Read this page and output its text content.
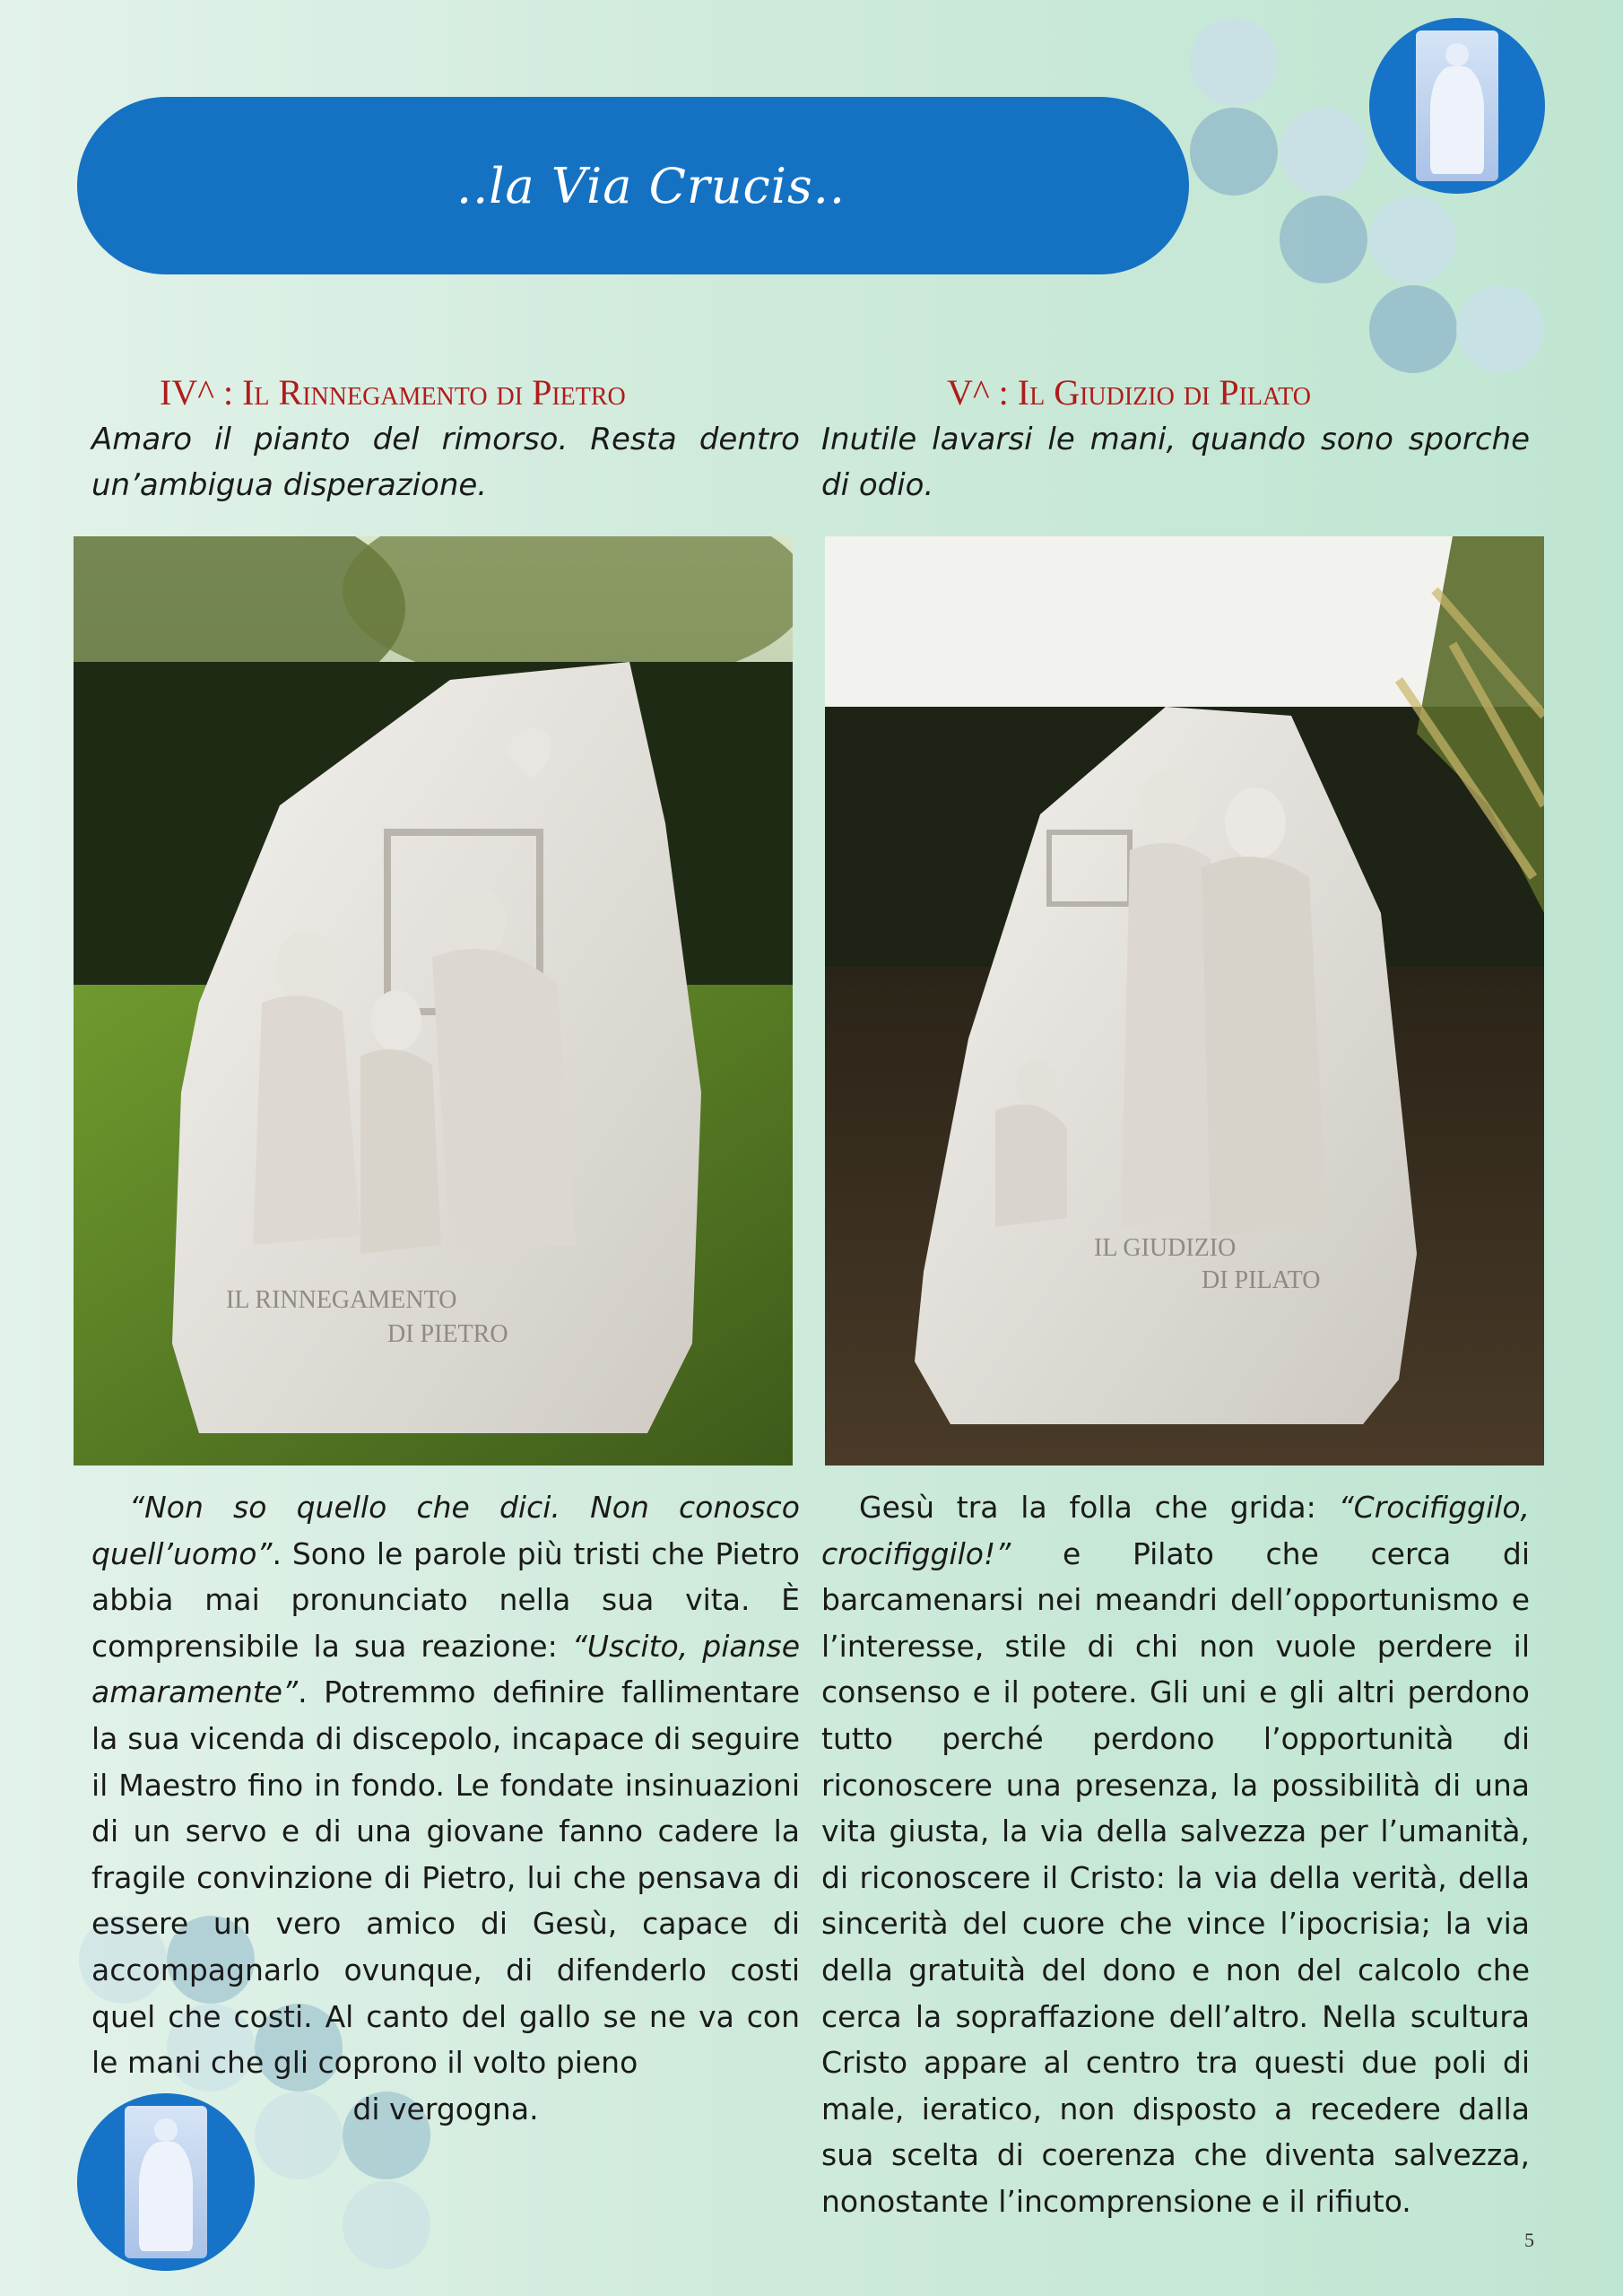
..la Via Crucis..
IV^ : Il Rinnegamento di Pietro	V^ : Il Giudizio di Pilato
Amaro il pianto del rimorso. Resta dentro un’ambigua disperazione.
Inutile lavarsi le mani, quando sono sporche di odio.
IL RINNEGAMENTO
DI PIETRO
IL GIUDIZIO
DI PILATO

“Non so quello che dici. Non conosco quell’uomo”. Sono le parole più tristi che Pietro abbia mai pronunciato nella sua vita. È comprensibile la sua reazione: “Uscito, pianse amaramente”. Potremmo definire fallimentare la sua vicenda di discepolo, incapace di seguire il Maestro fino in fondo. Le fondate insinuazioni di un servo e di una giovane fanno cadere la fragile convinzione di Pietro, lui che pensava di essere un vero amico di Gesù, capace di accompagnarlo ovunque, di difenderlo costi quel che costi. Al canto del gallo se ne va con le mani che gli coprono il volto pieno
di vergogna.

Gesù tra la folla che grida: “Crocifiggilo, crocifiggilo!” e Pilato che cerca di barcamenarsi nei meandri dell’opportunismo e l’interesse, stile di chi non vuole perdere il consenso e il potere. Gli uni e gli altri perdono tutto perché perdono l’opportunità di riconoscere una presenza, la possibilità di una vita giusta, la via della salvezza per l’umanità, di riconoscere il Cristo: la via della verità, della sincerità del cuore che vince l’ipocrisia; la via della gratuità del dono e non del calcolo che cerca la sopraffazione dell’altro. Nella scultura Cristo appare al centro tra questi due poli di male, ieratico, non disposto a recedere dalla sua scelta di coerenza che diventa salvezza, nonostante l’incomprensione e il rifiuto.

5
